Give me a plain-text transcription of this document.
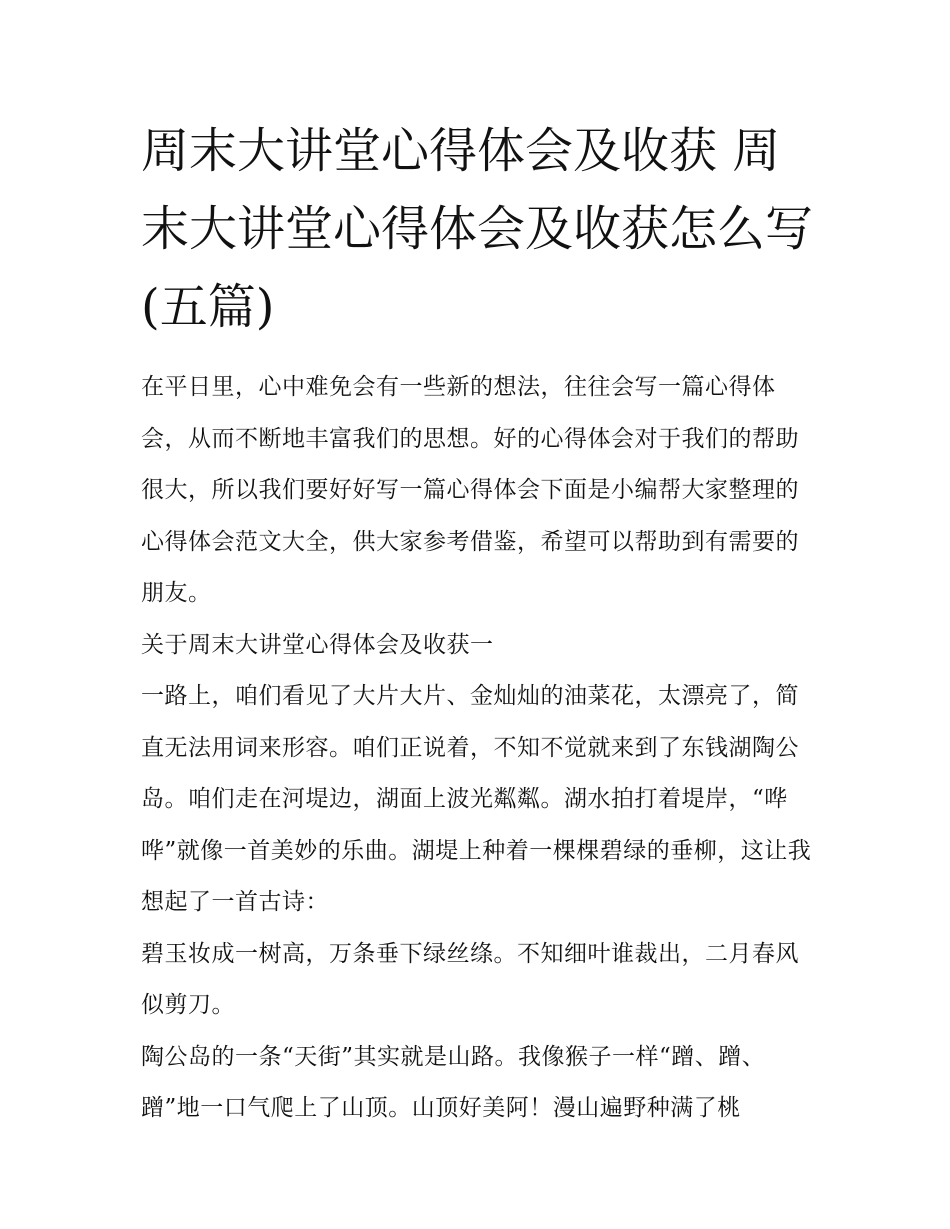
周末大讲堂心得体会及收获 周末大讲堂心得体会及收获怎么写(五篇)

在平日里，心中难免会有一些新的想法，往往会写一篇心得体会，从而不断地丰富我们的思想。好的心得体会对于我们的帮助很大，所以我们要好好写一篇心得体会下面是小编帮大家整理的心得体会范文大全，供大家参考借鉴，希望可以帮助到有需要的朋友。

关于周末大讲堂心得体会及收获一

一路上，咱们看见了大片大片、金灿灿的油菜花，太漂亮了，简直无法用词来形容。咱们正说着，不知不觉就来到了东钱湖陶公岛。咱们走在河堤边，湖面上波光粼粼。湖水拍打着堤岸，“哗哗”就像一首美妙的乐曲。湖堤上种着一棵棵碧绿的垂柳，这让我想起了一首古诗：

碧玉妆成一树高，万条垂下绿丝绦。不知细叶谁裁出，二月春风似剪刀。

陶公岛的一条“天街”其实就是山路。我像猴子一样“蹭、蹭、蹭”地一口气爬上了山顶。山顶好美阿！漫山遍野种满了桃
